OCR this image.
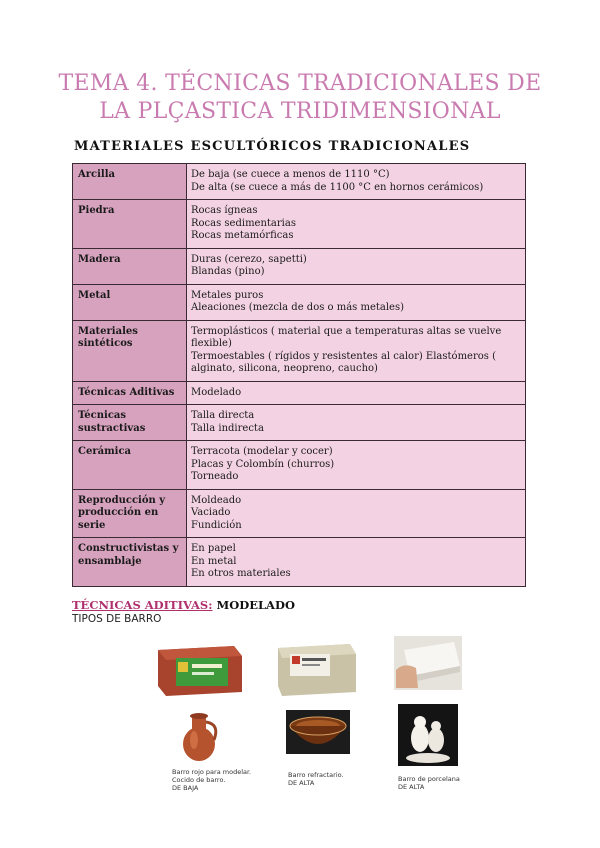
TEMA 4. TÉCNICAS TRADICIONALES DE LA PLÇASTICA TRIDIMENSIONAL
MATERIALES ESCULTÓRICOS TRADICIONALES
Arcilla	De baja (se cuece a menos de 1110 °C)
De alta (se cuece a más de 1100 °C en hornos cerámicos)

Piedra	Rocas ígneas
Rocas sedimentarias
Rocas metamórficas

Madera	Duras (cerezo, sapetti)
Blandas (pino)

Metal	Metales puros
Aleaciones (mezcla de dos o más metales)

Materiales sintéticos	Termoplásticos ( material que a temperaturas altas se vuelve flexible)
Termoestables ( rígidos y resistentes al calor) Elastómeros ( alginato, silicona, neopreno, caucho)

Técnicas Aditivas	Modelado

Técnicas sustractivas	Talla directa
Talla indirecta

Cerámica	Terracota (modelar y cocer)
Placas y Colombín (churros)
Torneado

Reproducción y producción en serie	Moldeado
Vaciado
Fundición

Constructivistas y ensamblaje	En papel
En metal
En otros materiales
TÉCNICAS ADITIVAS: MODELADO
TIPOS DE BARRO
Barro rojo para modelar.
Cocido de barro.
DE BAJA
Barro refractario.
DE ALTA	Barro de porcelana
DE ALTA
